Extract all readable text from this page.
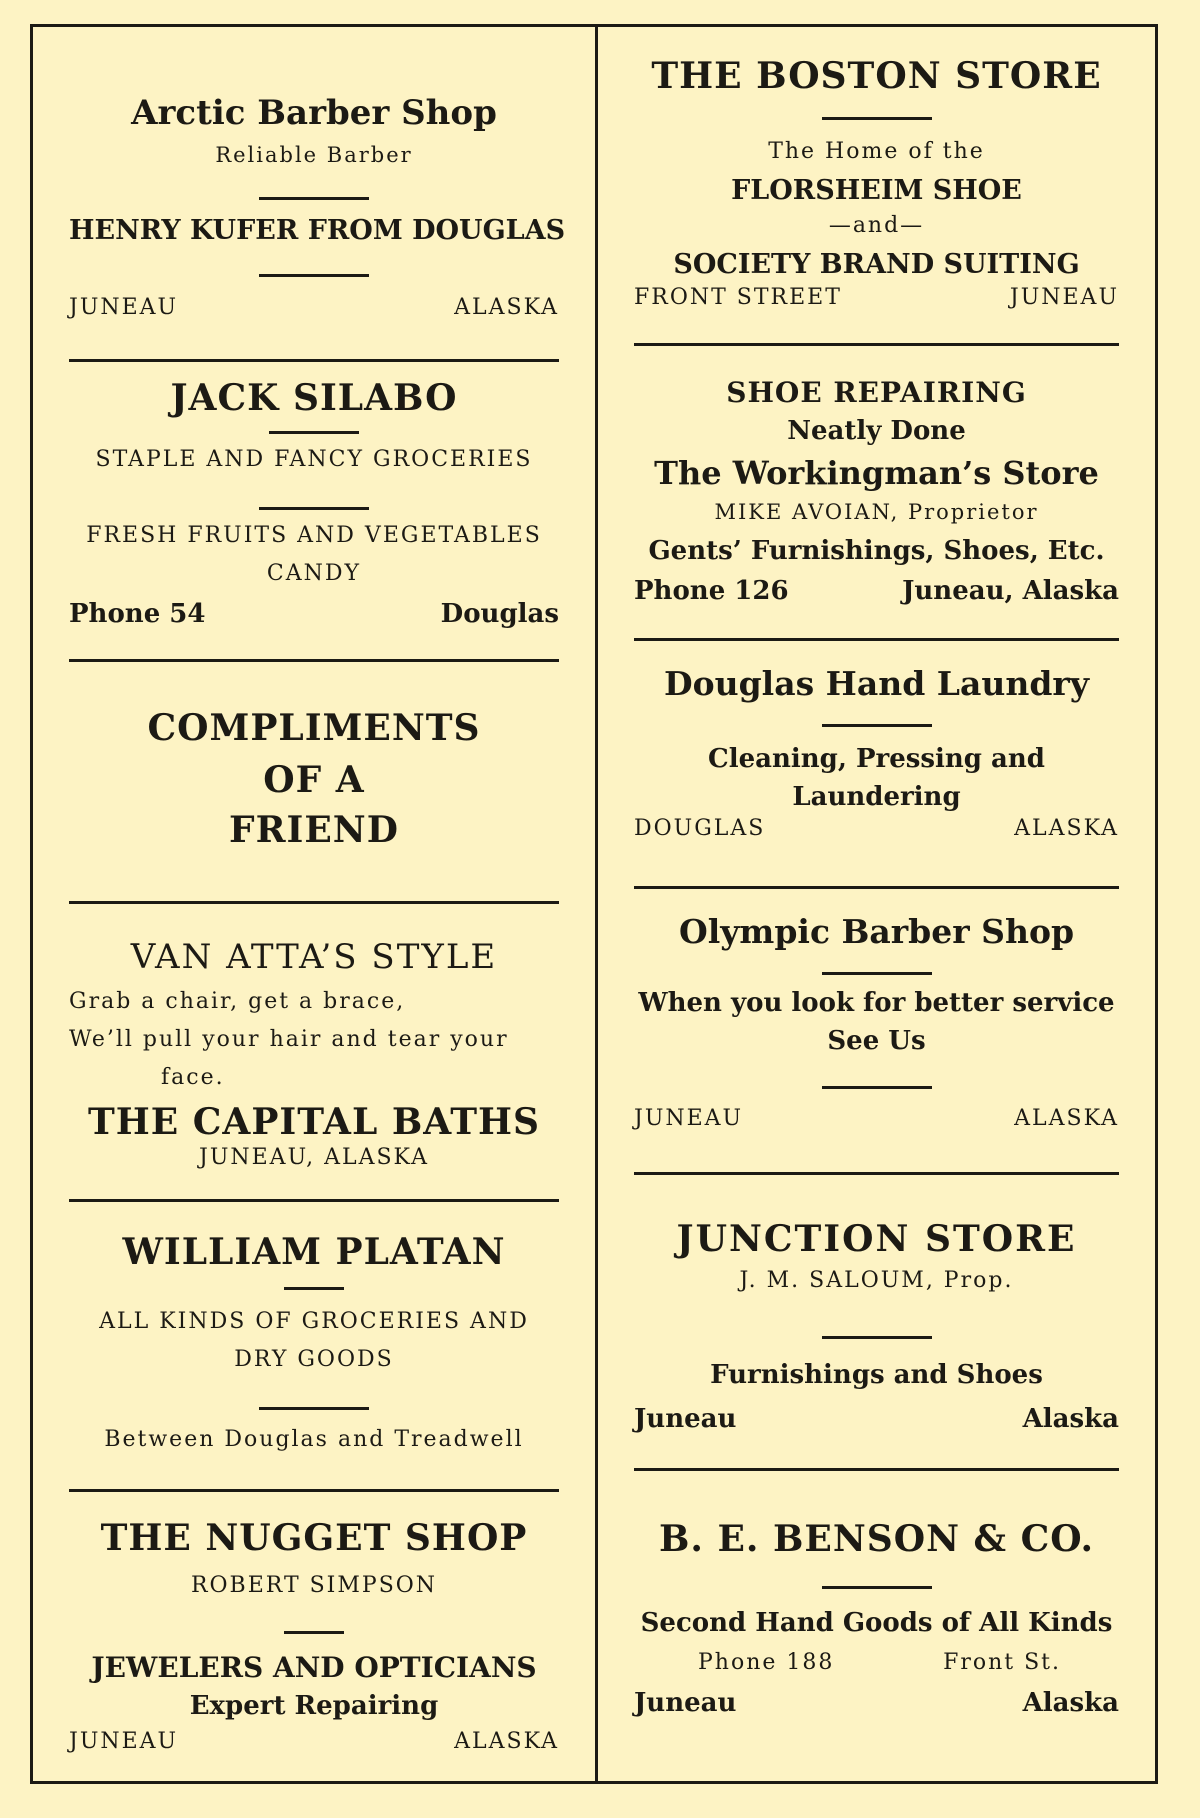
Arctic Barber Shop
Reliable Barber
HENRY KUFER FROM DOUGLAS
JUNEAU	ALASKA
JACK SILABO
STAPLE AND FANCY GROCERIES
FRESH FRUITS AND VEGETABLES
CANDY
Phone 54	Douglas
COMPLIMENTS
OF A
FRIEND
VAN ATTA’S STYLE
Grab a chair, get a brace,
We’ll pull your hair and tear your
face.
THE CAPITAL BATHS
JUNEAU, ALASKA
WILLIAM PLATAN
ALL KINDS OF GROCERIES AND
DRY GOODS
Between Douglas and Treadwell
THE NUGGET SHOP
ROBERT SIMPSON
JEWELERS AND OPTICIANS
Expert Repairing
JUNEAU	ALASKA
THE BOSTON STORE
The Home of the
FLORSHEIM SHOE
—and—
SOCIETY BRAND SUITING
FRONT STREET	JUNEAU
SHOE REPAIRING
Neatly Done
The Workingman’s Store
MIKE AVOIAN, Proprietor
Gents’ Furnishings, Shoes, Etc.
Phone 126	Juneau, Alaska
Douglas Hand Laundry
Cleaning, Pressing and
Laundering
DOUGLAS	ALASKA
Olympic Barber Shop
When you look for better service
See Us
JUNEAU	ALASKA
JUNCTION STORE
J. M. SALOUM, Prop.
Furnishings and Shoes
Juneau	Alaska
B. E. BENSON & CO.
Second Hand Goods of All Kinds
Phone 188	Front St.
Juneau	Alaska
